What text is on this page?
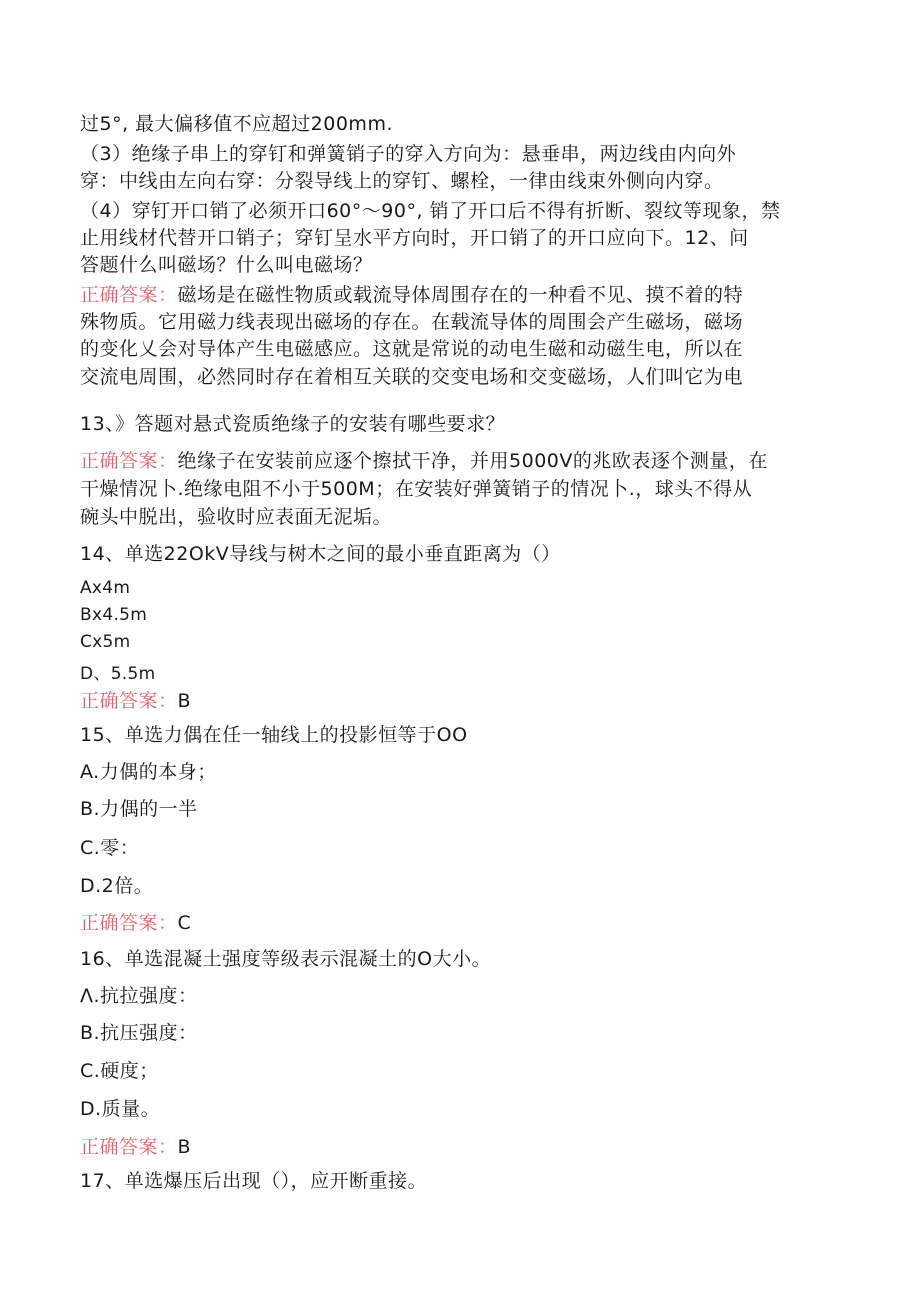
过5°, 最大偏移值不应超过200mm.
（3）绝缘子串上的穿钉和弹簧销子的穿入方向为：悬垂串，两边线由内向外
穿：中线由左向右穿：分裂导线上的穿钉、螺栓，一律由线束外侧向内穿。
（4）穿钉开口销了必须开口60°～90°, 销了开口后不得有折断、裂纹等现象，禁
止用线材代替开口销子；穿钉呈水平方向时，开口销了的开口应向下。12、问
答题什么叫磁场？什么叫电磁场？
正确答案：磁场是在磁性物质或载流导体周围存在的一种看不见、摸不着的特
殊物质。它用磁力线表现出磁场的存在。在载流导体的周围会产生磁场，磁场
的变化乂会对导体产生电磁感应。这就是常说的动电生磁和动磁生电，所以在
交流电周围，必然同时存在着相互关联的交变电场和交变磁场，人们叫它为电
13、》答题对悬式瓷质绝缘子的安装有哪些要求？
正确答案：绝缘子在安装前应逐个擦拭干净，并用5000V的兆欧表逐个测量，在
干燥情况卜.绝缘电阻不小于500M；在安装好弹簧销子的情况卜.，球头不得从
碗头中脱出，验收时应表面无泥垢。
14、单选22OkV导线与树木之间的最小垂直距离为（）
Ax4m
Bx4.5m
Cx5m
D、5.5m
正确答案：B
15、单选力偶在任一轴线上的投影恒等于OO
A.力偶的本身；
B.力偶的一半
C.零：
D.2倍。
正确答案：C
16、单选混凝土强度等级表示混凝土的O大小。
Λ.抗拉强度：
B.抗压强度：
C.硬度；
D.质量。
正确答案：B
17、单选爆压后出现（），应开断重接。
